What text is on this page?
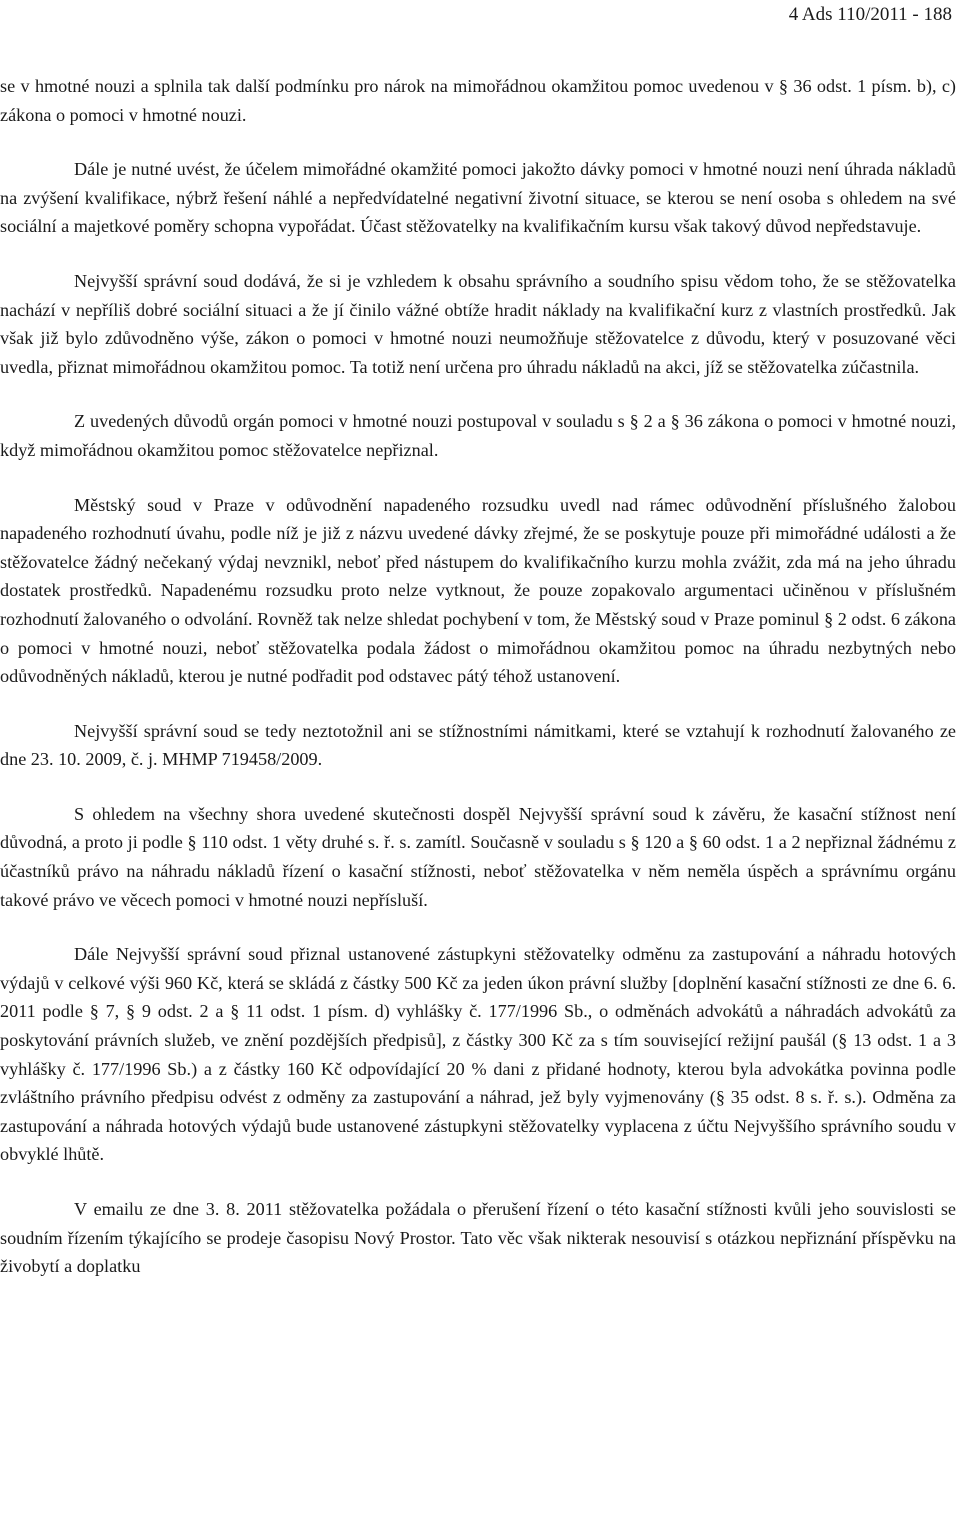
4 Ads 110/2011 - 188

se v hmotné nouzi a splnila tak další podmínku pro nárok na mimořádnou okamžitou pomoc uvedenou v § 36 odst. 1 písm. b), c) zákona o pomoci v hmotné nouzi.

Dále je nutné uvést, že účelem mimořádné okamžité pomoci jakožto dávky pomoci v hmotné nouzi není úhrada nákladů na zvýšení kvalifikace, nýbrž řešení náhlé a nepředvídatelné negativní životní situace, se kterou se není osoba s ohledem na své sociální a majetkové poměry schopna vypořádat. Účast stěžovatelky na kvalifikačním kursu však takový důvod nepředstavuje.

Nejvyšší správní soud dodává, že si je vzhledem k obsahu správního a soudního spisu vědom toho, že se stěžovatelka nachází v nepříliš dobré sociální situaci a že jí činilo vážné obtíže hradit náklady na kvalifikační kurz z vlastních prostředků. Jak však již bylo zdůvodněno výše, zákon o pomoci v hmotné nouzi neumožňuje stěžovatelce z důvodu, který v posuzované věci uvedla, přiznat mimořádnou okamžitou pomoc. Ta totiž není určena pro úhradu nákladů na akci, jíž se stěžovatelka zúčastnila.

Z uvedených důvodů orgán pomoci v hmotné nouzi postupoval v souladu s § 2 a § 36 zákona o pomoci v hmotné nouzi, když mimořádnou okamžitou pomoc stěžovatelce nepřiznal.

Městský soud v Praze v odůvodnění napadeného rozsudku uvedl nad rámec odůvodnění příslušného žalobou napadeného rozhodnutí úvahu, podle níž je již z názvu uvedené dávky zřejmé, že se poskytuje pouze při mimořádné události a že stěžovatelce žádný nečekaný výdaj nevznikl, neboť před nástupem do kvalifikačního kurzu mohla zvážit, zda má na jeho úhradu dostatek prostředků. Napadenému rozsudku proto nelze vytknout, že pouze zopakovalo argumentaci učiněnou v příslušném rozhodnutí žalovaného o odvolání. Rovněž tak nelze shledat pochybení v tom, že Městský soud v Praze pominul § 2 odst. 6 zákona o pomoci v hmotné nouzi, neboť stěžovatelka podala žádost o mimořádnou okamžitou pomoc na úhradu nezbytných nebo odůvodněných nákladů, kterou je nutné podřadit pod odstavec pátý téhož ustanovení.

Nejvyšší správní soud se tedy neztotožnil ani se stížnostními námitkami, které se vztahují k rozhodnutí žalovaného ze dne 23. 10. 2009, č. j. MHMP 719458/2009.

S ohledem na všechny shora uvedené skutečnosti dospěl Nejvyšší správní soud k závěru, že kasační stížnost není důvodná, a proto ji podle § 110 odst. 1 věty druhé s. ř. s. zamítl. Současně v souladu s § 120 a § 60 odst. 1 a 2 nepřiznal žádnému z účastníků právo na náhradu nákladů řízení o kasační stížnosti, neboť stěžovatelka v něm neměla úspěch a správnímu orgánu takové právo ve věcech pomoci v hmotné nouzi nepřísluší.

Dále Nejvyšší správní soud přiznal ustanovené zástupkyni stěžovatelky odměnu za zastupování a náhradu hotových výdajů v celkové výši 960 Kč, která se skládá z částky 500 Kč za jeden úkon právní služby [doplnění kasační stížnosti ze dne 6. 6. 2011 podle § 7, § 9 odst. 2 a § 11 odst. 1 písm. d) vyhlášky č. 177/1996 Sb., o odměnách advokátů a náhradách advokátů za poskytování právních služeb, ve znění pozdějších předpisů], z částky 300 Kč za s tím související režijní paušál (§ 13 odst. 1 a 3 vyhlášky č. 177/1996 Sb.) a z částky 160 Kč odpovídající 20 % dani z přidané hodnoty, kterou byla advokátka povinna podle zvláštního právního předpisu odvést z odměny za zastupování a náhrad, jež byly vyjmenovány (§ 35 odst. 8 s. ř. s.). Odměna za zastupování a náhrada hotových výdajů bude ustanovené zástupkyni stěžovatelky vyplacena z účtu Nejvyššího správního soudu v obvyklé lhůtě.

V emailu ze dne 3. 8. 2011 stěžovatelka požádala o přerušení řízení o této kasační stížnosti kvůli jeho souvislosti se soudním řízením týkajícího se prodeje časopisu Nový Prostor. Tato věc však nikterak nesouvisí s otázkou nepřiznání příspěvku na živobytí a doplatku
